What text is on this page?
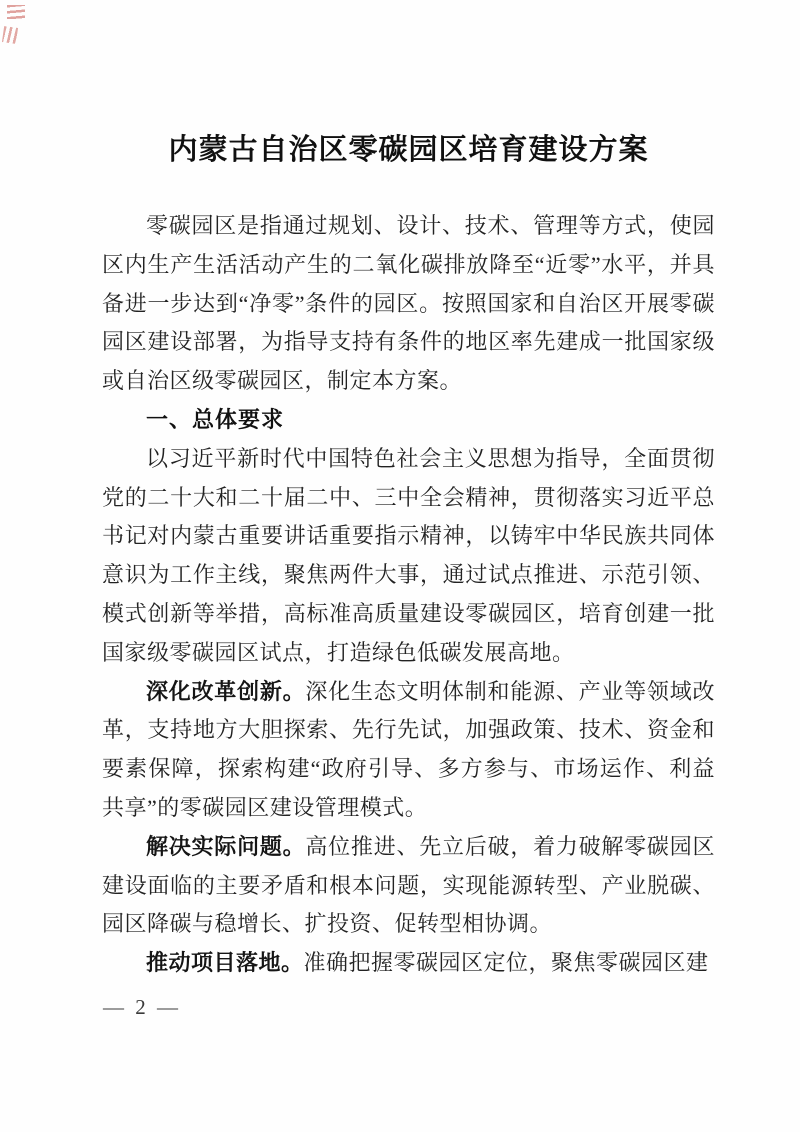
内蒙古自治区零碳园区培育建设方案

零碳园区是指通过规划、设计、技术、管理等方式，使园区内生产生活活动产生的二氧化碳排放降至“近零”水平，并具备进一步达到“净零”条件的园区。按照国家和自治区开展零碳园区建设部署，为指导支持有条件的地区率先建成一批国家级或自治区级零碳园区，制定本方案。

一、总体要求

以习近平新时代中国特色社会主义思想为指导，全面贯彻党的二十大和二十届二中、三中全会精神，贯彻落实习近平总书记对内蒙古重要讲话重要指示精神，以铸牢中华民族共同体意识为工作主线，聚焦两件大事，通过试点推进、示范引领、模式创新等举措，高标准高质量建设零碳园区，培育创建一批国家级零碳园区试点，打造绿色低碳发展高地。

深化改革创新。深化生态文明体制和能源、产业等领域改革，支持地方大胆探索、先行先试，加强政策、技术、资金和要素保障，探索构建“政府引导、多方参与、市场运作、利益共享”的零碳园区建设管理模式。

解决实际问题。高位推进、先立后破，着力破解零碳园区建设面临的主要矛盾和根本问题，实现能源转型、产业脱碳、园区降碳与稳增长、扩投资、促转型相协调。

推动项目落地。准确把握零碳园区定位，聚焦零碳园区建

— 2 —
